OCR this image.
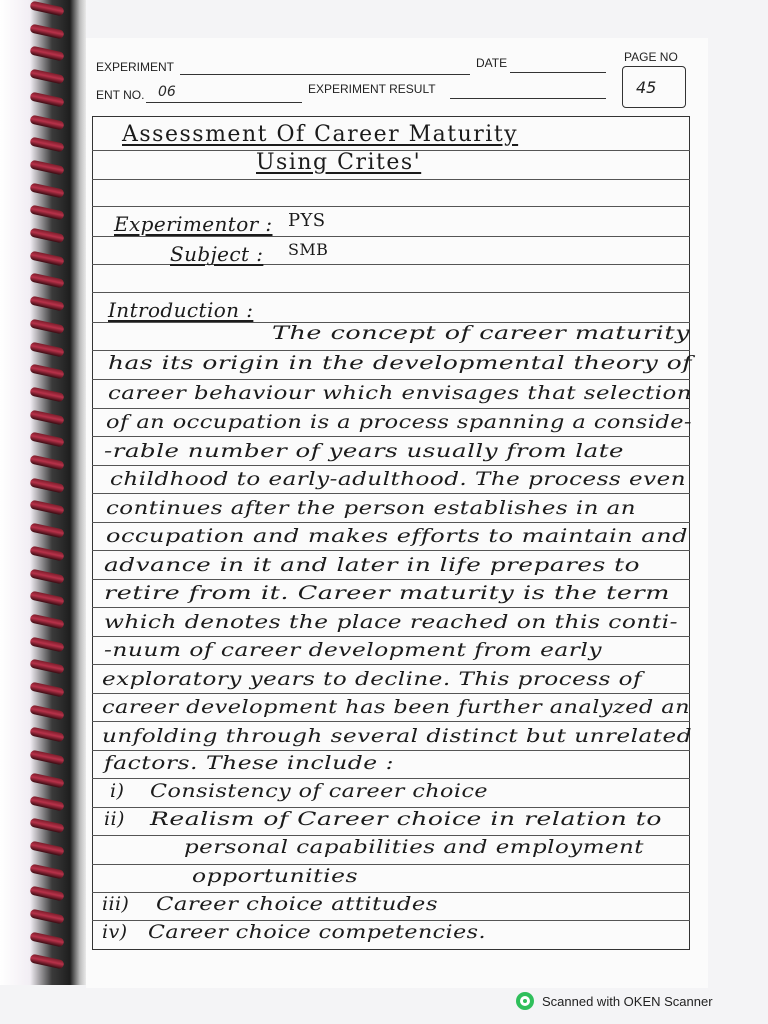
EXPERIMENT	DATE
ENT NO. 06	EXPERIMENT RESULT
PAGE NO
45
Assessment Of Career Maturity
Using Crites'
Experimentor : PYS
Subject : SMB
Introduction :
The concept of career maturity
has its origin in the developmental theory of
career behaviour which envisages that selection
of an occupation is a process spanning a conside-
-rable number of years usually from late
childhood to early-adulthood. The process even
continues after the person establishes in an
occupation and makes efforts to maintain and
advance in it and later in life prepares to
retire from it. Career maturity is the term
which denotes the place reached on this conti-
-nuum of career development from early
exploratory years to decline. This process of
career development has been further analyzed an
unfolding through several distinct but unrelated
factors. These include :
i) Consistency of career choice
ii) Realism of Career choice in relation to
personal capabilities and employment
opportunities
iii) Career choice attitudes
iv) Career choice competencies.
Scanned with OKEN Scanner
